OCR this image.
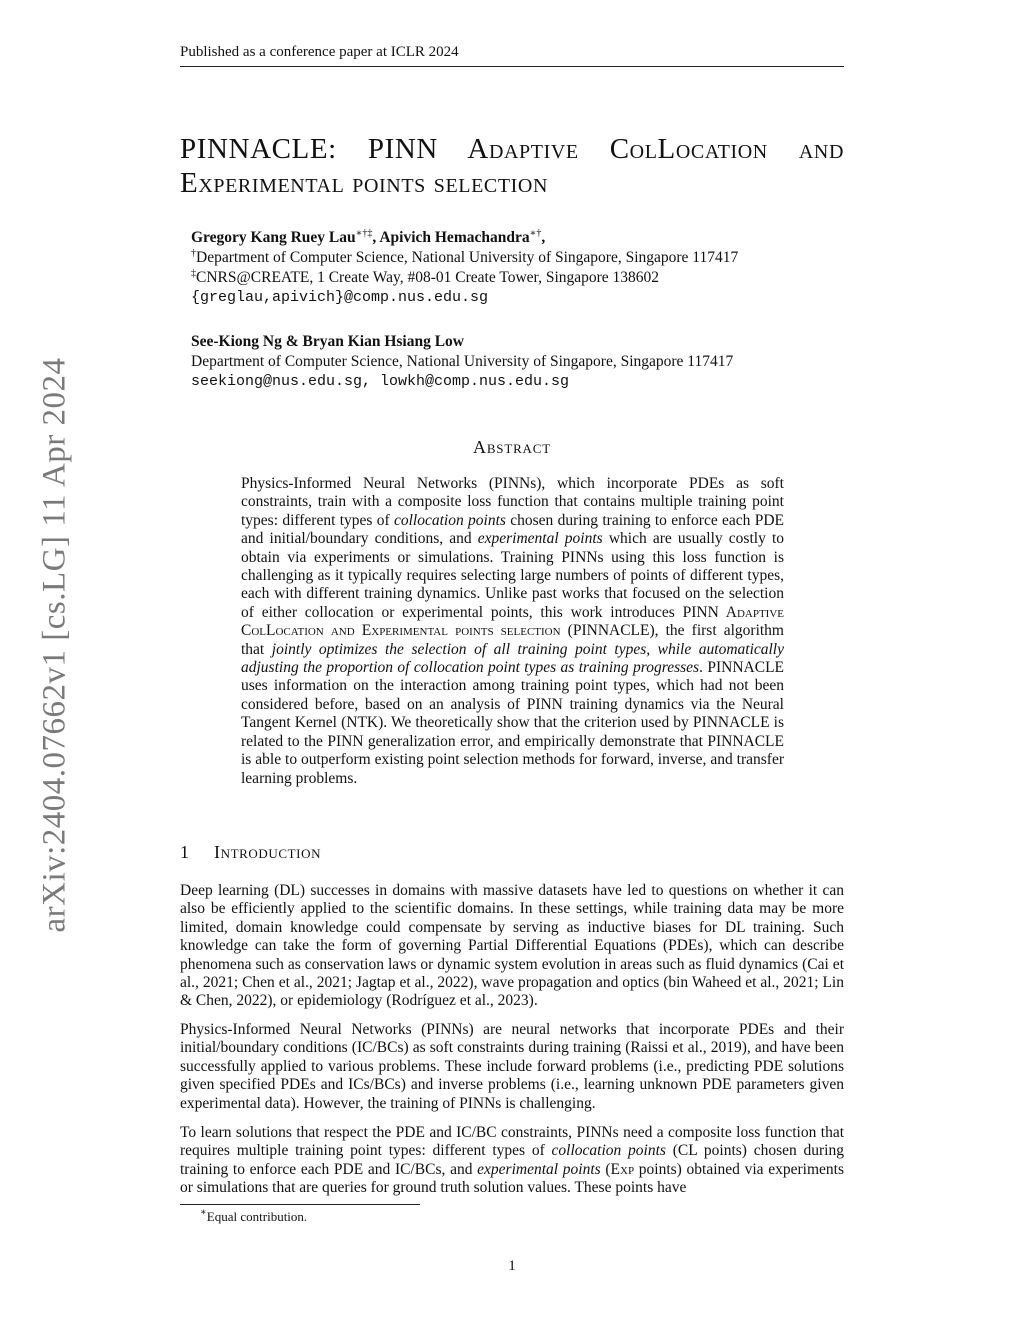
Published as a conference paper at ICLR 2024
arXiv:2404.07662v1 [cs.LG] 11 Apr 2024
PINNACLE: PINN Adaptive ColLocation and
Experimental points selection
Gregory Kang Ruey Lau∗†‡, Apivich Hemachandra∗†,
†Department of Computer Science, National University of Singapore, Singapore 117417
‡CNRS@CREATE, 1 Create Way, #08-01 Create Tower, Singapore 138602
{greglau,apivich}@comp.nus.edu.sg
See-Kiong Ng & Bryan Kian Hsiang Low
Department of Computer Science, National University of Singapore, Singapore 117417
seekiong@nus.edu.sg, lowkh@comp.nus.edu.sg
Abstract
Physics-Informed Neural Networks (PINNs), which incorporate PDEs as soft constraints, train with a composite loss function that contains multiple training point types: different types of collocation points chosen during training to enforce each PDE and initial/boundary conditions, and experimental points which are usually costly to obtain via experiments or simulations. Training PINNs using this loss function is challenging as it typically requires selecting large numbers of points of different types, each with different training dynamics. Unlike past works that focused on the selection of either collocation or experimental points, this work introduces PINN Adaptive ColLocation and Experimental points selection (PINNACLE), the first algorithm that jointly optimizes the selection of all training point types, while automatically adjusting the proportion of collocation point types as training progresses. PINNACLE uses information on the interaction among training point types, which had not been considered before, based on an analysis of PINN training dynamics via the Neural Tangent Kernel (NTK). We theoretically show that the criterion used by PINNACLE is related to the PINN generalization error, and empirically demonstrate that PINNACLE is able to outperform existing point selection methods for forward, inverse, and transfer learning problems.
1 Introduction

Deep learning (DL) successes in domains with massive datasets have led to questions on whether it can also be efficiently applied to the scientific domains. In these settings, while training data may be more limited, domain knowledge could compensate by serving as inductive biases for DL training. Such knowledge can take the form of governing Partial Differential Equations (PDEs), which can describe phenomena such as conservation laws or dynamic system evolution in areas such as fluid dynamics (Cai et al., 2021; Chen et al., 2021; Jagtap et al., 2022), wave propagation and optics (bin Waheed et al., 2021; Lin & Chen, 2022), or epidemiology (Rodríguez et al., 2023).

Physics-Informed Neural Networks (PINNs) are neural networks that incorporate PDEs and their initial/boundary conditions (IC/BCs) as soft constraints during training (Raissi et al., 2019), and have been successfully applied to various problems. These include forward problems (i.e., predicting PDE solutions given specified PDEs and ICs/BCs) and inverse problems (i.e., learning unknown PDE parameters given experimental data). However, the training of PINNs is challenging.

To learn solutions that respect the PDE and IC/BC constraints, PINNs need a composite loss function that requires multiple training point types: different types of collocation points (CL points) chosen during training to enforce each PDE and IC/BCs, and experimental points (Exp points) obtained via experiments or simulations that are queries for ground truth solution values. These points have

∗Equal contribution.
1
